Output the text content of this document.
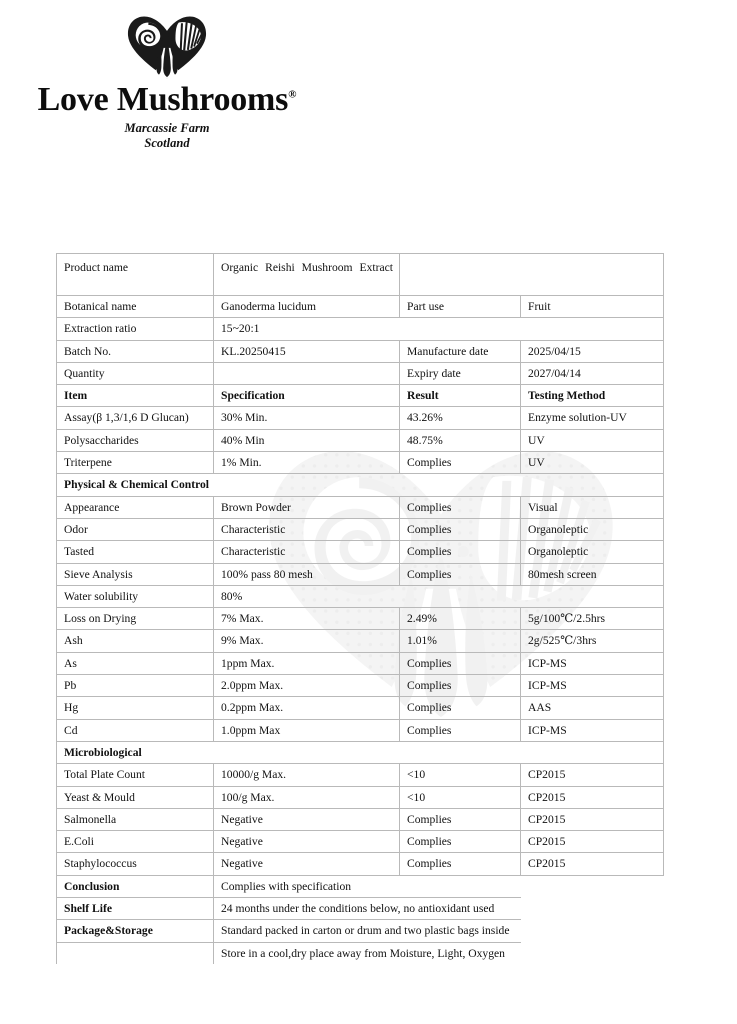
Love Mushrooms®
Marcassie Farm
Scotland
Product name	Organic Reishi Mushroom Extract		
Botanical name	Ganoderma lucidum	Part use	Fruit
Extraction ratio	15~20:1		
Batch No.	KL.20250415	Manufacture date	2025/04/15
Quantity		Expiry date	2027/04/14
Item	Specification	Result	Testing Method
Assay(β 1,3/1,6 D Glucan)	30% Min.	43.26%	Enzyme solution-UV
Polysaccharides	40% Min	48.75%	UV
Triterpene	1% Min.	Complies	UV
Physical & Chemical Control			
Appearance	Brown Powder	Complies	Visual
Odor	Characteristic	Complies	Organoleptic
Tasted	Characteristic	Complies	Organoleptic
Sieve Analysis	100% pass 80 mesh	Complies	80mesh screen
Water solubility	80%		
Loss on Drying	7% Max.	2.49%	5g/100℃/2.5hrs
Ash	9% Max.	1.01%	2g/525℃/3hrs
As	1ppm Max.	Complies	ICP-MS
Pb	2.0ppm Max.	Complies	ICP-MS
Hg	0.2ppm Max.	Complies	AAS
Cd	1.0ppm Max	Complies	ICP-MS
Microbiological			
Total Plate Count	10000/g Max.	<10	CP2015
Yeast & Mould	100/g Max.	<10	CP2015
Salmonella	Negative	Complies	CP2015
E.Coli	Negative	Complies	CP2015
Staphylococcus	Negative	Complies	CP2015
Conclusion	Complies with specification		
Shelf Life	24 months under the conditions below, no antioxidant used		
Package&Storage	Standard packed in carton or drum and two plastic bags inside		
	Store in a cool,dry place away from Moisture, Light, Oxygen		
